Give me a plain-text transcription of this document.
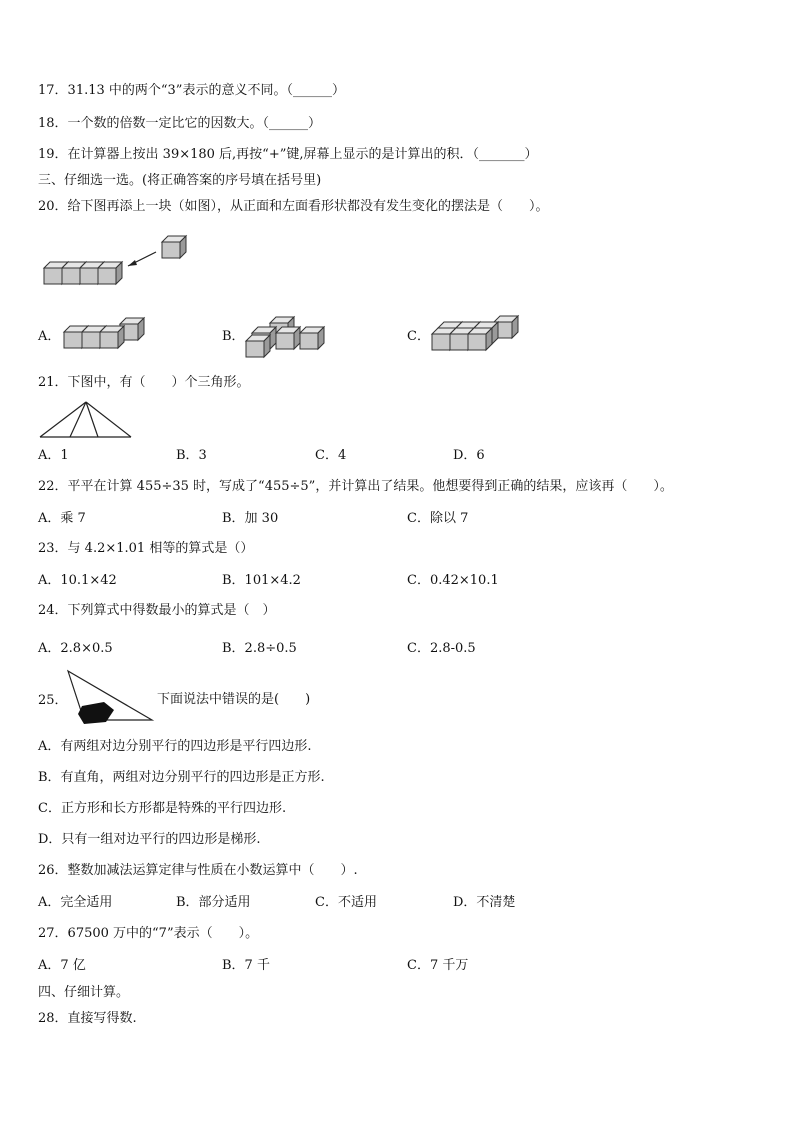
17．31.13 中的两个“3”表示的意义不同。（______）
18．一个数的倍数一定比它的因数大。（______）
19．在计算器上按出 39×180 后,再按“+”键,屏幕上显示的是计算出的积．（_______）
三、仔细选一选。(将正确答案的序号填在括号里)
20．给下图再添上一块（如图），从正面和左面看形状都没有发生变化的摆法是（　　）。
A．	B．	C．
21．下图中，有（　　）个三角形。
A．1	B．3	C．4	D．6
22．平平在计算 455÷35 时，写成了“455÷5”，并计算出了结果。他想要得到正确的结果，应该再（　　）。
A．乘 7	B．加 30	C．除以 7
23．与 4.2×1.01 相等的算式是（）
A．10.1×42	B．101×4.2	C．0.42×10.1
24．下列算式中得数最小的算式是（　）
A．2.8×0.5	B．2.8÷0.5	C．2.8-0.5
25．	下面说法中错误的是(　　)
A．有两组对边分别平行的四边形是平行四边形.
B．有直角，两组对边分别平行的四边形是正方形.
C．正方形和长方形都是特殊的平行四边形.
D．只有一组对边平行的四边形是梯形.
26．整数加减法运算定律与性质在小数运算中（　　）.
A．完全适用	B．部分适用	C．不适用	D．不清楚
27．67500 万中的“7”表示（　　）。
A．7 亿	B．7 千	C．7 千万
四、仔细计算。
28．直接写得数.
